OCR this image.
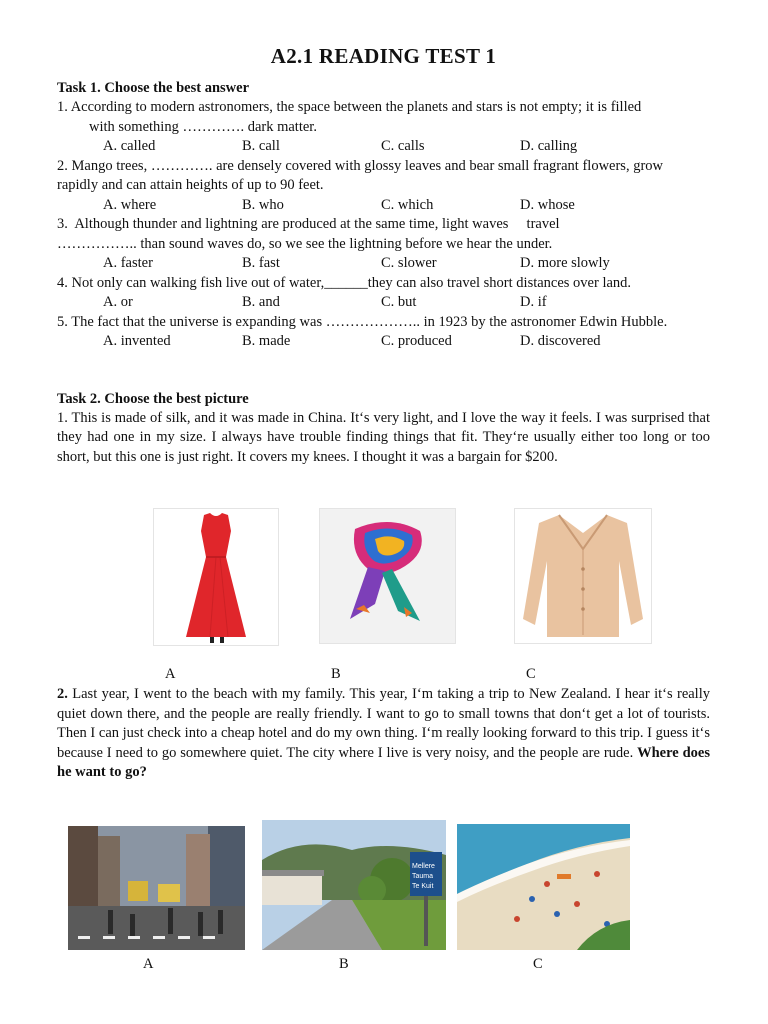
A2.1 READING TEST 1

Task 1. Choose the best answer

1. According to modern astronomers, the space between the planets and stars is not empty; it is filled

with something …………. dark matter.

A. called	B. call	C. calls	D. calling

2. Mango trees, …………. are densely covered with glossy leaves and bear small fragrant flowers, grow

rapidly and can attain heights of up to 90 feet.

A. where	B. who	C. which	D. whose

3.  Although thunder and lightning are produced at the same time, light waves     travel

…………….. than sound waves do, so we see the lightning before we hear the under.

A. faster	B. fast	C. slower	D. more slowly

4. Not only can walking fish live out of water,______they can also travel short distances over land.

A. or	B. and	C. but	D. if

5. The fact that the universe is expanding was ……………….. in 1923 by the astronomer Edwin Hubble.

A. invented	B. made	C. produced	D. discovered

Task 2. Choose the best picture

1. This is made of silk, and it was made in China. It‘s very light, and I love the way it feels. I was surprised that they had one in my size. I always have trouble finding things that fit. They‘re usually either too long or too short, but this one is just right. It covers my knees. I thought it was a bargain for $200.

A	B	C

2. Last year, I went to the beach with my family. This year, I‘m taking a trip to New Zealand. I hear it‘s really quiet down there, and the people are really friendly. I want to go to small towns that don‘t get a lot of tourists. Then I can just check into a cheap hotel and do my own thing. I‘m really looking forward to this trip. I guess it‘s because I need to go somewhere quiet. The city where I live is very noisy, and the people are rude. Where does he want to go?

A
Mellere
Tauma
Te Kuit
B	C
